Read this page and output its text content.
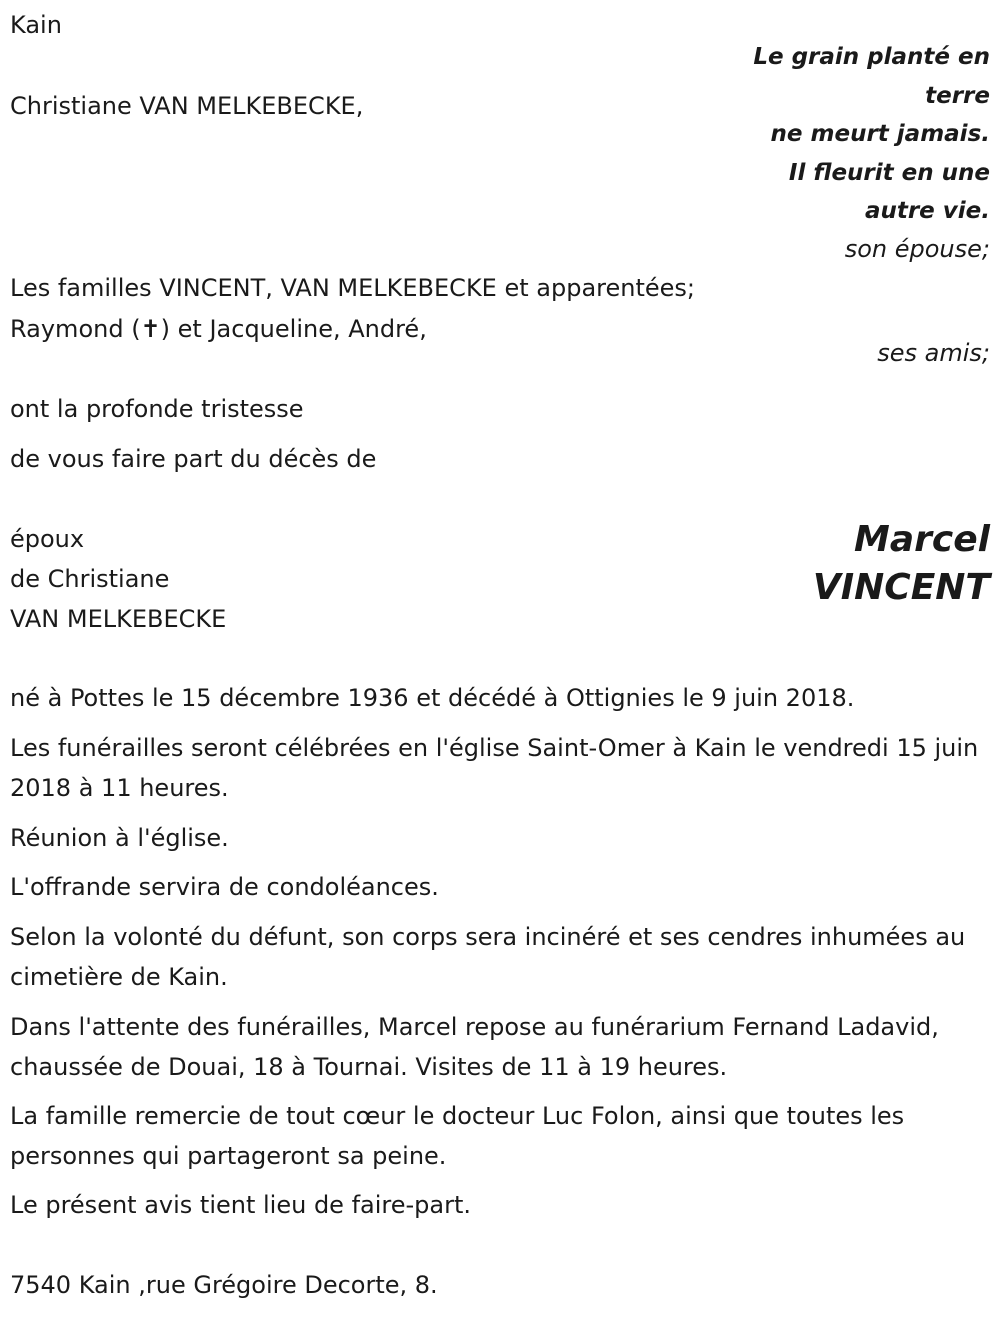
Kain

Le grain planté en
terre
ne meurt jamais.
Il fleurit en une
autre vie.

Christiane VAN MELKEBECKE,

son épouse;

Les familles VINCENT, VAN MELKEBECKE et apparentées;

Raymond (✝) et Jacqueline, André,

ses amis;

ont la profonde tristesse

de vous faire part du décès de

époux

de Christiane

VAN MELKEBECKE

Marcel
VINCENT

né à Pottes le 15 décembre 1936 et décédé à Ottignies le 9 juin 2018.

Les funérailles seront célébrées en l'église Saint-Omer à Kain le vendredi 15 juin 2018 à 11 heures.

Réunion à l'église.

L'offrande servira de condoléances.

Selon la volonté du défunt, son corps sera incinéré et ses cendres inhumées au cimetière de Kain.

Dans l'attente des funérailles, Marcel repose au funérarium Fernand Ladavid, chaussée de Douai, 18 à Tournai. Visites de 11 à 19 heures.

La famille remercie de tout cœur le docteur Luc Folon, ainsi que toutes les personnes qui partageront sa peine.

Le présent avis tient lieu de faire-part.

7540 Kain ,rue Grégoire Decorte, 8.
